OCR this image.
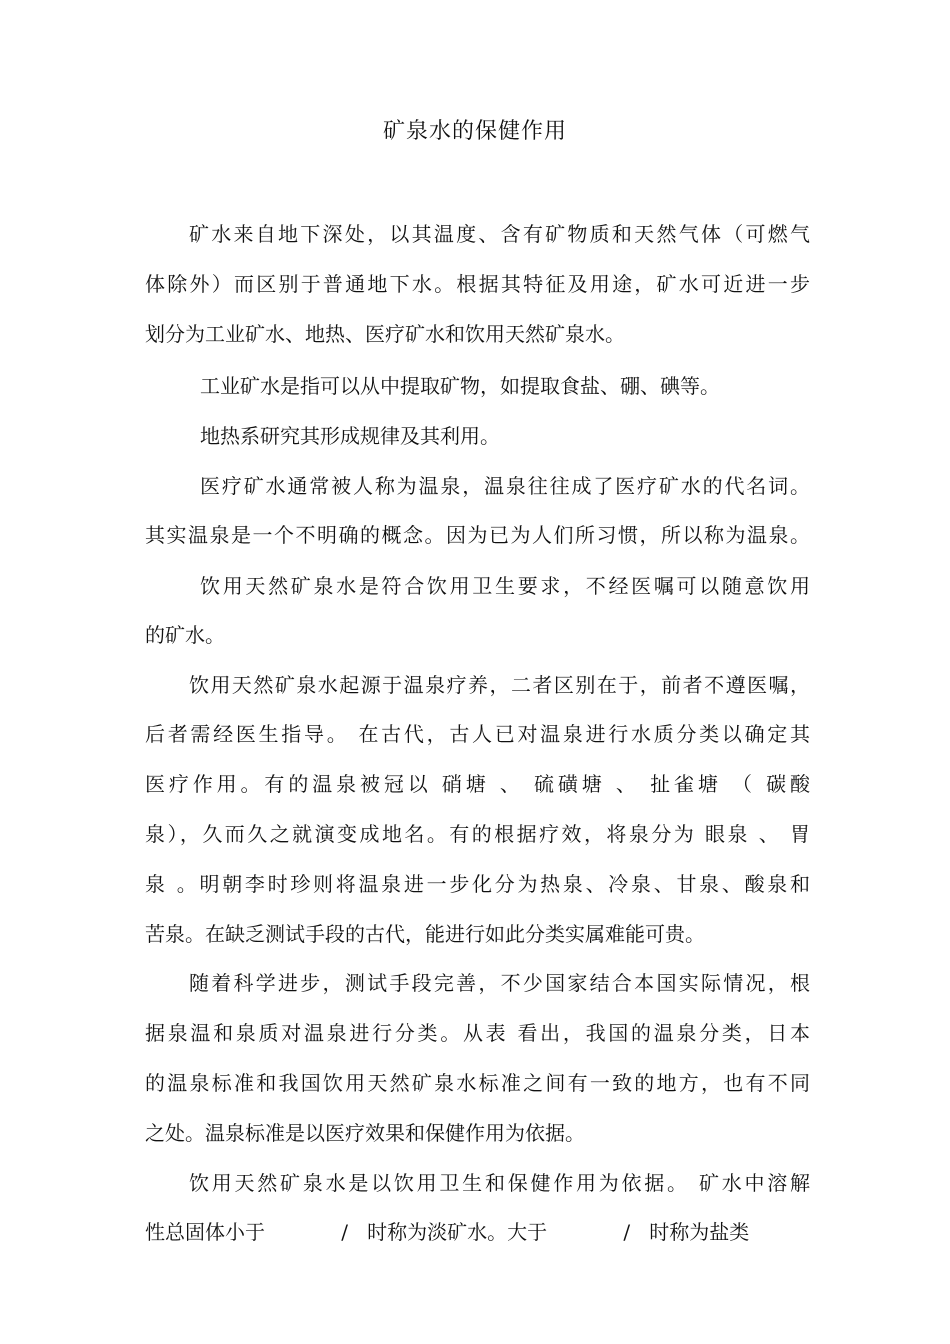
矿泉水的保健作用
矿水来自地下深处，以其温度、含有矿物质和天然气体（可燃气
体除外）而区别于普通地下水。根据其特征及用途，矿水可近进一步
划分为工业矿水、地热、医疗矿水和饮用天然矿泉水。
工业矿水是指可以从中提取矿物，如提取食盐、硼、碘等。
地热系研究其形成规律及其利用。
医疗矿水通常被人称为温泉，温泉往往成了医疗矿水的代名词。
其实温泉是一个不明确的概念。因为已为人们所习惯，所以称为温泉。
饮用天然矿泉水是符合饮用卫生要求，不经医嘱可以随意饮用
的矿水。
饮用天然矿泉水起源于温泉疗养，二者区别在于，前者不遵医嘱，
后者需经医生指导。 在古代，古人已对温泉进行水质分类以确定其
医疗作用。有的温泉被冠以 硝塘 、 硫磺塘 、 扯雀塘 （ 碳酸
泉），久而久之就演变成地名。有的根据疗效，将泉分为 眼泉 、 胃
泉 。明朝李时珍则将温泉进一步化分为热泉、冷泉、甘泉、酸泉和
苦泉。在缺乏测试手段的古代，能进行如此分类实属难能可贵。
随着科学进步，测试手段完善，不少国家结合本国实际情况，根
据泉温和泉质对温泉进行分类。从表 看出，我国的温泉分类，日本
的温泉标准和我国饮用天然矿泉水标准之间有一致的地方，也有不同
之处。温泉标准是以医疗效果和保健作用为依据。
饮用天然矿泉水是以饮用卫生和保健作用为依据。 矿水中溶解
性总固体小于            /   时称为淡矿水。大于            /   时称为盐类
